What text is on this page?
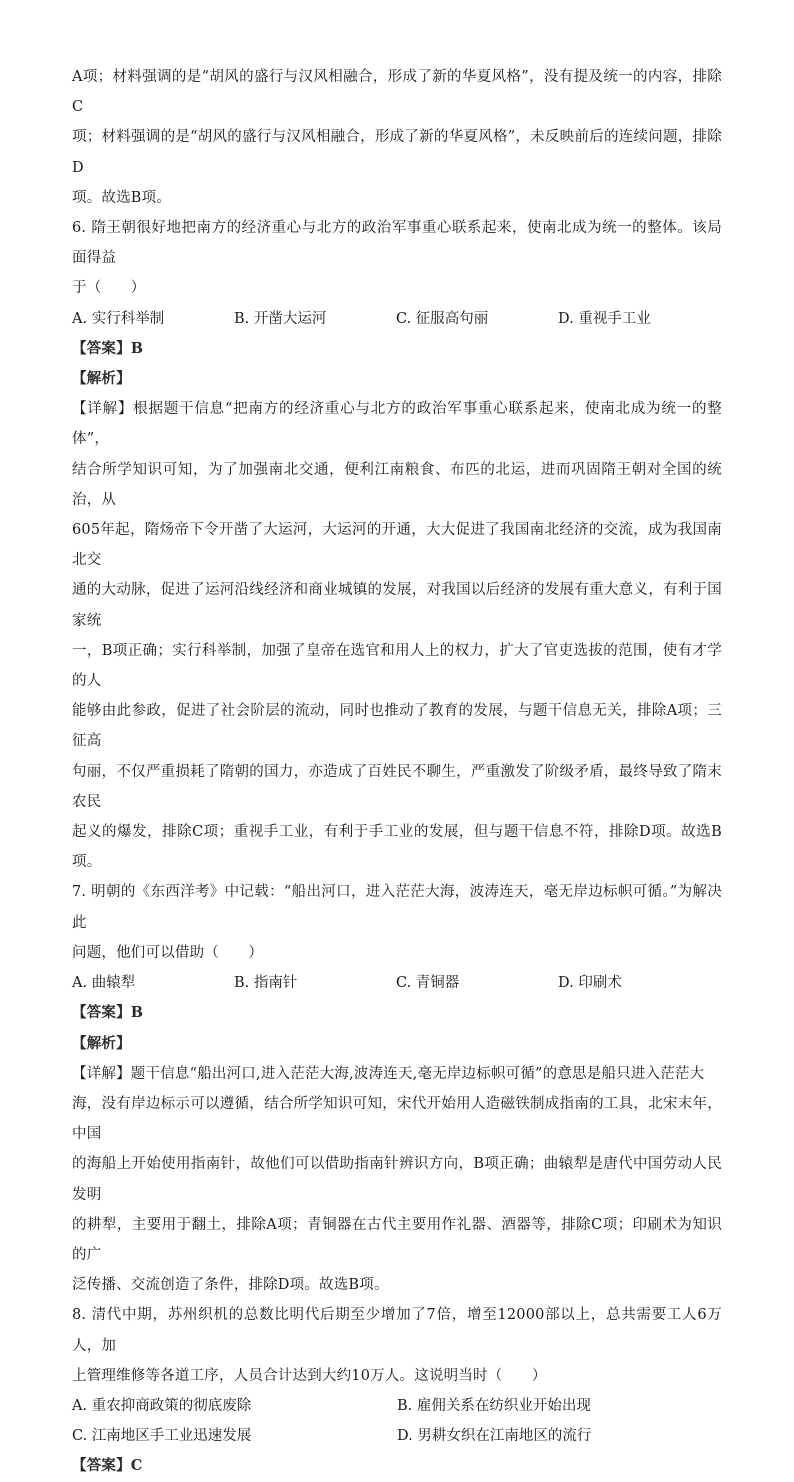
A项；材料强调的是“胡风的盛行与汉风相融合，形成了新的华夏风格”，没有提及统一的内容，排除C

项；材料强调的是“胡风的盛行与汉风相融合，形成了新的华夏风格”，未反映前后的连续问题，排除D

项。故选B项。

6. 隋王朝很好地把南方的经济重心与北方的政治军事重心联系起来，使南北成为统一的整体。该局面得益

于（　　）

A. 实行科举制	B. 开凿大运河	C. 征服高句丽	D. 重视手工业

【答案】B

【解析】

【详解】根据题干信息“把南方的经济重心与北方的政治军事重心联系起来，使南北成为统一的整体”，

结合所学知识可知，为了加强南北交通，便利江南粮食、布匹的北运，进而巩固隋王朝对全国的统治，从

605年起，隋炀帝下令开凿了大运河，大运河的开通，大大促进了我国南北经济的交流，成为我国南北交

通的大动脉，促进了运河沿线经济和商业城镇的发展，对我国以后经济的发展有重大意义，有利于国家统

一，B项正确；实行科举制，加强了皇帝在选官和用人上的权力，扩大了官吏选拔的范围，使有才学的人

能够由此参政，促进了社会阶层的流动，同时也推动了教育的发展，与题干信息无关，排除A项；三征高

句丽，不仅严重损耗了隋朝的国力，亦造成了百姓民不聊生，严重激发了阶级矛盾，最终导致了隋末农民

起义的爆发，排除C项；重视手工业，有利于手工业的发展，但与题干信息不符，排除D项。故选B项。

7. 明朝的《东西洋考》中记载：“船出河口，进入茫茫大海，波涛连天，毫无岸边标帜可循。”为解决此

问题，他们可以借助（　　）

A. 曲辕犁	B. 指南针	C. 青铜器	D. 印刷术

【答案】B

【解析】

【详解】题干信息“船出河口,进入茫茫大海,波涛连天,毫无岸边标帜可循”的意思是船只进入茫茫大

海，没有岸边标示可以遵循，结合所学知识可知，宋代开始用人造磁铁制成指南的工具，北宋末年，中国

的海船上开始使用指南针，故他们可以借助指南针辨识方向，B项正确；曲辕犁是唐代中国劳动人民发明

的耕犁，主要用于翻土，排除A项；青铜器在古代主要用作礼器、酒器等，排除C项；印刷术为知识的广

泛传播、交流创造了条件，排除D项。故选B项。

8. 清代中期，苏州织机的总数比明代后期至少增加了7倍，增至12000部以上，总共需要工人6万人，加

上管理维修等各道工序，人员合计达到大约10万人。这说明当时（　　）

A. 重农抑商政策的彻底废除	B. 雇佣关系在纺织业开始出现
C. 江南地区手工业迅速发展	D. 男耕女织在江南地区的流行

【答案】C
